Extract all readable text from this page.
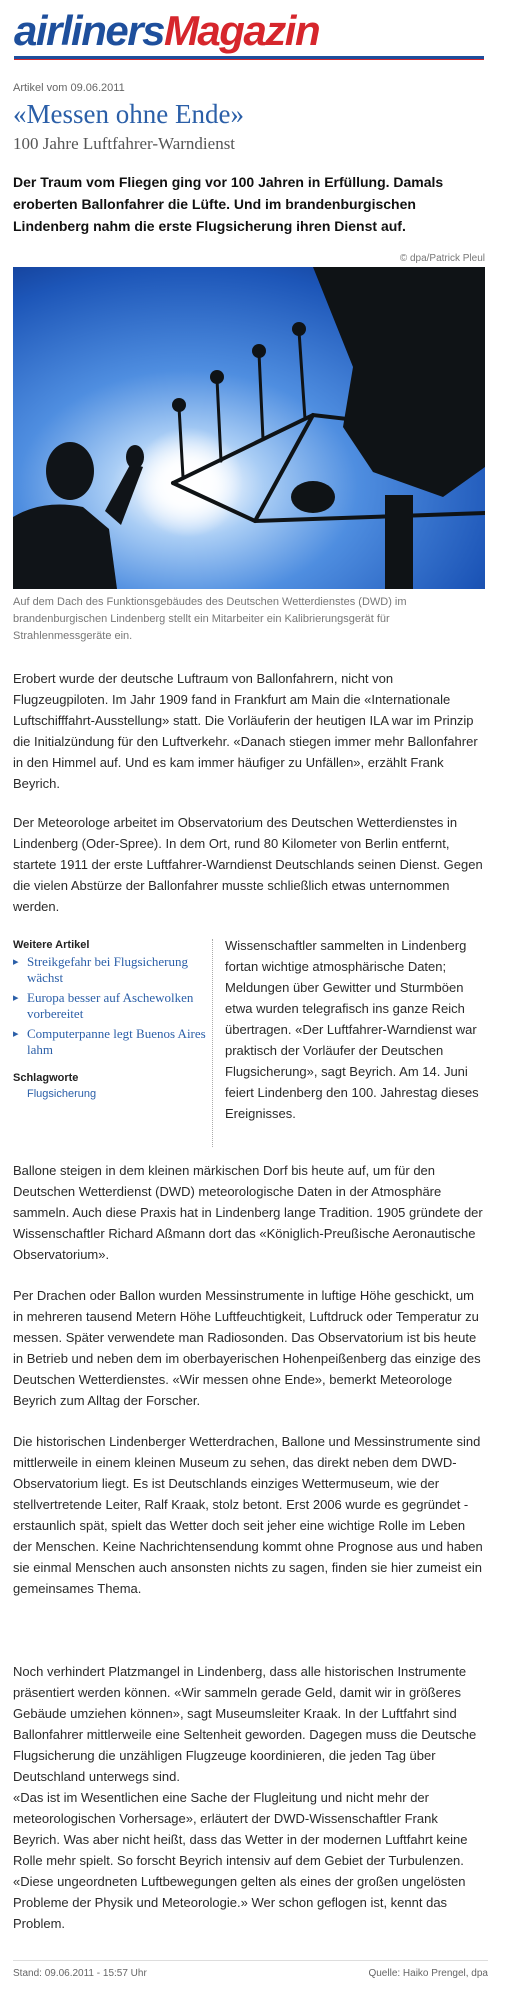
airlinersMagazin
Artikel vom 09.06.2011
«Messen ohne Ende»
100 Jahre Luftfahrer-Warndienst
Der Traum vom Fliegen ging vor 100 Jahren in Erfüllung. Damals eroberten Ballonfahrer die Lüfte. Und im brandenburgischen Lindenberg nahm die erste Flugsicherung ihren Dienst auf.
© dpa/Patrick Pleul
Auf dem Dach des Funktionsgebäudes des Deutschen Wetterdienstes (DWD) im brandenburgischen Lindenberg stellt ein Mitarbeiter ein Kalibrierungsgerät für Strahlenmessgeräte ein.
Erobert wurde der deutsche Luftraum von Ballonfahrern, nicht von Flugzeugpiloten. Im Jahr 1909 fand in Frankfurt am Main die «Internationale Luftschifffahrt-Ausstellung» statt. Die Vorläuferin der heutigen ILA war im Prinzip die Initialzündung für den Luftverkehr. «Danach stiegen immer mehr Ballonfahrer in den Himmel auf. Und es kam immer häufiger zu Unfällen», erzählt Frank Beyrich.
Der Meteorologe arbeitet im Observatorium des Deutschen Wetterdienstes in Lindenberg (Oder-Spree). In dem Ort, rund 80 Kilometer von Berlin entfernt, startete 1911 der erste Luftfahrer-Warndienst Deutschlands seinen Dienst. Gegen die vielen Abstürze der Ballonfahrer musste schließlich etwas unternommen werden.
Weitere Artikel
▸ Streikgefahr bei Flugsicherung wächst
▸ Europa besser auf Aschewolken vorbereitet
▸ Computerpanne legt Buenos Aires lahm
Schlagworte
Flugsicherung
Wissenschaftler sammelten in Lindenberg fortan wichtige atmosphärische Daten; Meldungen über Gewitter und Sturmböen etwa wurden telegrafisch ins ganze Reich übertragen. «Der Luftfahrer-Warndienst war praktisch der Vorläufer der Deutschen Flugsicherung», sagt Beyrich. Am 14. Juni feiert Lindenberg den 100. Jahrestag dieses Ereignisses.
Ballone steigen in dem kleinen märkischen Dorf bis heute auf, um für den Deutschen Wetterdienst (DWD) meteorologische Daten in der Atmosphäre sammeln. Auch diese Praxis hat in Lindenberg lange Tradition. 1905 gründete der Wissenschaftler Richard Aßmann dort das «Königlich-Preußische Aeronautische Observatorium».
Per Drachen oder Ballon wurden Messinstrumente in luftige Höhe geschickt, um in mehreren tausend Metern Höhe Luftfeuchtigkeit, Luftdruck oder Temperatur zu messen. Später verwendete man Radiosonden. Das Observatorium ist bis heute in Betrieb und neben dem im oberbayerischen Hohenpeißenberg das einzige des Deutschen Wetterdienstes. «Wir messen ohne Ende», bemerkt Meteorologe Beyrich zum Alltag der Forscher.
Die historischen Lindenberger Wetterdrachen, Ballone und Messinstrumente sind mittlerweile in einem kleinen Museum zu sehen, das direkt neben dem DWD-Observatorium liegt. Es ist Deutschlands einziges Wettermuseum, wie der stellvertretende Leiter, Ralf Kraak, stolz betont. Erst 2006 wurde es gegründet - erstaunlich spät, spielt das Wetter doch seit jeher eine wichtige Rolle im Leben der Menschen. Keine Nachrichtensendung kommt ohne Prognose aus und haben sie einmal Menschen auch ansonsten nichts zu sagen, finden sie hier zumeist ein gemeinsames Thema.
Noch verhindert Platzmangel in Lindenberg, dass alle historischen Instrumente präsentiert werden können. «Wir sammeln gerade Geld, damit wir in größeres Gebäude umziehen können», sagt Museumsleiter Kraak. In der Luftfahrt sind Ballonfahrer mittlerweile eine Seltenheit geworden. Dagegen muss die Deutsche Flugsicherung die unzähligen Flugzeuge koordinieren, die jeden Tag über Deutschland unterwegs sind.
«Das ist im Wesentlichen eine Sache der Flugleitung und nicht mehr der meteorologischen Vorhersage», erläutert der DWD-Wissenschaftler Frank Beyrich. Was aber nicht heißt, dass das Wetter in der modernen Luftfahrt keine Rolle mehr spielt. So forscht Beyrich intensiv auf dem Gebiet der Turbulenzen. «Diese ungeordneten Luftbewegungen gelten als eines der großen ungelösten Probleme der Physik und Meteorologie.» Wer schon geflogen ist, kennt das Problem.
Stand: 09.06.2011 - 15:57 Uhr	Quelle: Haiko Prengel, dpa
